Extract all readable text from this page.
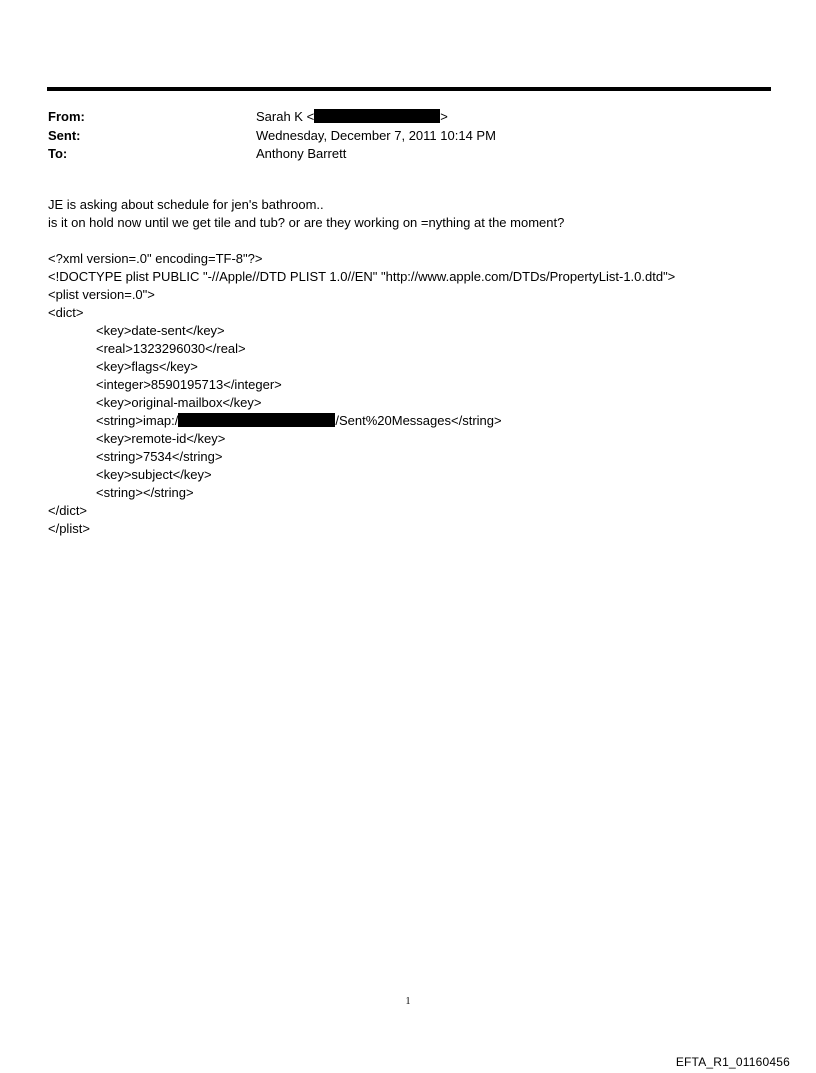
From:	Sarah K <	>
Sent:	Wednesday, December 7, 2011 10:14 PM
To:	Anthony Barrett
JE is asking about schedule for jen's bathroom..
is it on hold now until we get tile and tub? or are they working on =nything at the moment?
<?xml version=.0" encoding=TF-8"?>
<!DOCTYPE plist PUBLIC "-//Apple//DTD PLIST 1.0//EN" "http://www.apple.com/DTDs/PropertyList-1.0.dtd">
<plist version=.0">
<dict>
<key>date-sent</key>
<real>1323296030</real>
<key>flags</key>
<integer>8590195713</integer>
<key>original-mailbox</key>
<string>imap:/	/Sent%20Messages</string>
<key>remote-id</key>
<string>7534</string>
<key>subject</key>
<string></string>
</dict>
</plist>
1
EFTA_R1_01160456
